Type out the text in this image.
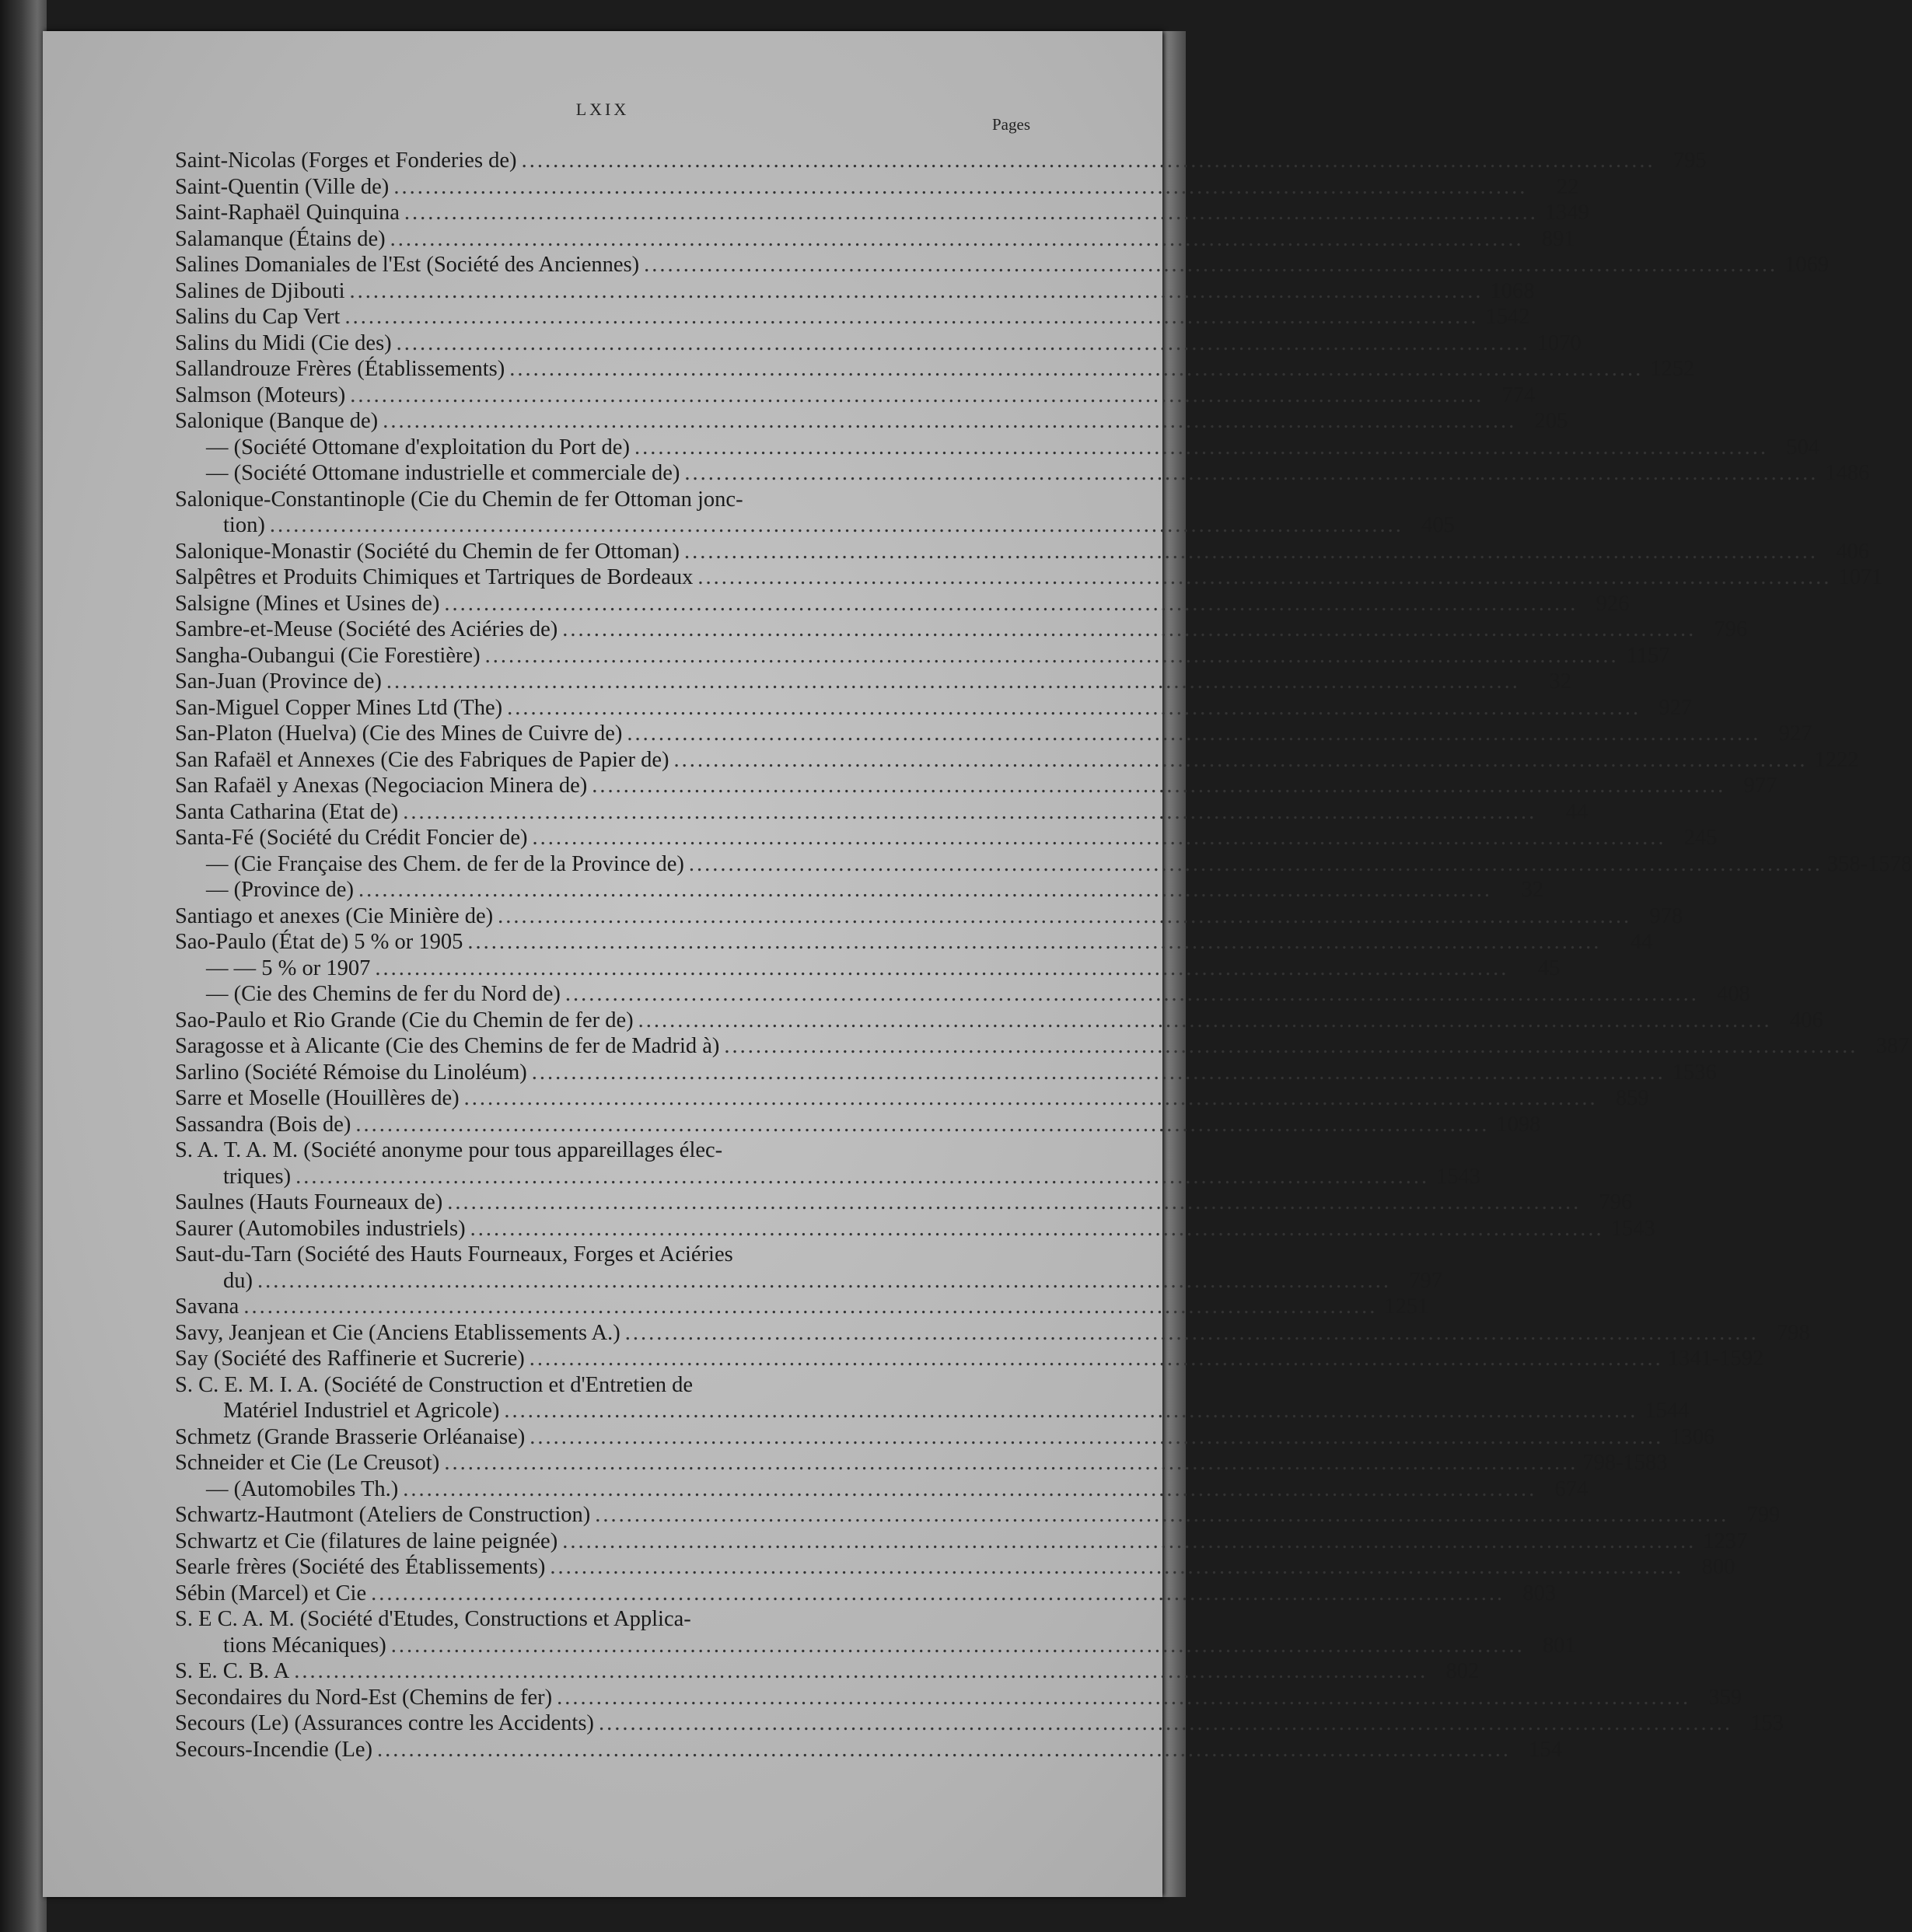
LXIX
Pages
Saint-Nicolas (Forges et Fonderies de) .....	795
Saint-Quentin (Ville de) .....	22
Saint-Raphaël Quinquina .....	1349
Salamanque (Étains de) .....	891
Salines Domaniales de l'Est (Société des Anciennes) .....	1069
Salines de Djibouti .....	1068
Salins du Cap Vert .....	1542
Salins du Midi (Cie des) .....	1070
Sallandrouze Frères (Établissements) .....	1252
Salmson (Moteurs) .....	774
Salonique (Banque de) .....	205
— (Société Ottomane d'exploitation du Port de) .....	504
— (Société Ottomane industrielle et commerciale de) .....	1486
Salonique-Constantinople (Cie du Chemin de fer Ottoman jonc-
tion) .....	405
Salonique-Monastir (Société du Chemin de fer Ottoman) .....	406
Salpêtres et Produits Chimiques et Tartriques de Bordeaux .....	1071
Salsigne (Mines et Usines de) .....	926
Sambre-et-Meuse (Société des Aciéries de) .....	796
Sangha-Oubangui (Cie Forestière) .....	1157
San-Juan (Province de) .....	32
San-Miguel Copper Mines Ltd (The) .....	927
San-Platon (Huelva) (Cie des Mines de Cuivre de) .....	927
San Rafaël et Annexes (Cie des Fabriques de Papier de) .....	1222
San Rafaël y Anexas (Negociacion Minera de) .....	977
Santa Catharina (Etat de) .....	44
Santa-Fé (Société du Crédit Foncier de) .....	245
— (Cie Française des Chem. de fer de la Province de) .....	358-1578
— (Province de) .....	32
Santiago et anexes (Cie Minière de) .....	978
Sao-Paulo (État de) 5 % or 1905 .....	44
— — 5 % or 1907 .....	45
— (Cie des Chemins de fer du Nord de) .....	408
Sao-Paulo et Rio Grande (Cie du Chemin de fer de) .....	406
Saragosse et à Alicante (Cie des Chemins de fer de Madrid à) .....	387
Sarlino (Société Rémoise du Linoléum) .....	1536
Sarre et Moselle (Houillères de) .....	859
Sassandra (Bois de) .....	1098
S. A. T. A. M. (Société anonyme pour tous appareillages élec-
triques) .....	1543
Saulnes (Hauts Fourneaux de) .....	796
Saurer (Automobiles industriels) .....	1543
Saut-du-Tarn (Société des Hauts Fourneaux, Forges et Aciéries
du) .....	797
Savana .....	1251
Savy, Jeanjean et Cie (Anciens Etablissements A.) .....	798
Say (Société des Raffinerie et Sucrerie) .....	1341-1592
S. C. E. M. I. A. (Société de Construction et d'Entretien de
Matériel Industriel et Agricole) .....	1544
Schmetz (Grande Brasserie Orléanaise) .....	1306
Schneider et Cie (Le Creusot) .....	798-1583
— (Automobiles Th.) .....	674
Schwartz-Hautmont (Ateliers de Construction) .....	799
Schwartz et Cie (filatures de laine peignée) .....	1237
Searle frères (Société des Établissements) .....	800
Sébin (Marcel) et Cie .....	803
S. E C. A. M. (Société d'Etudes, Constructions et Applica-
tions Mécaniques) .....	801
S. E. C. B. A .....	802
Secondaires du Nord-Est (Chemins de fer) .....	359
Secours (Le) (Assurances contre les Accidents) .....	153
Secours-Incendie (Le) .....	154
